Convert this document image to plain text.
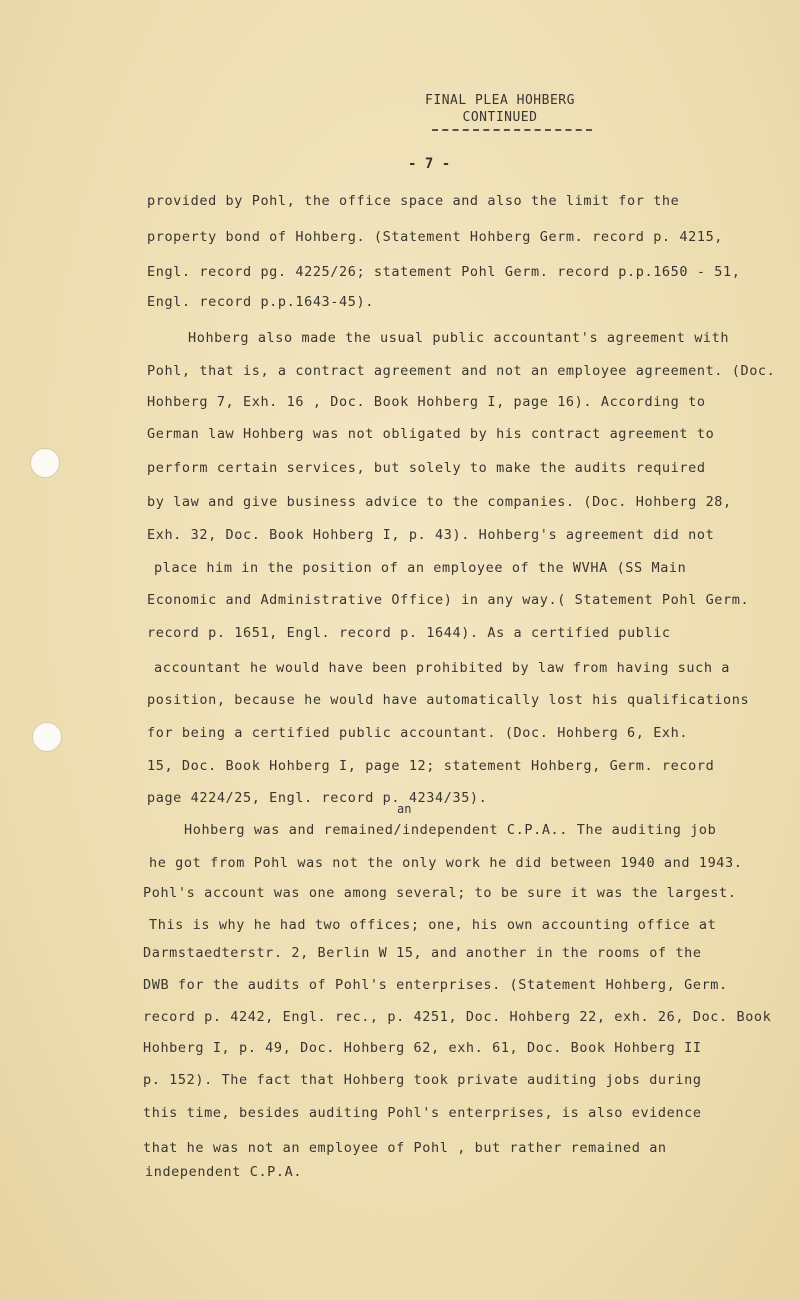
FINAL PLEA HOHBERG
CONTINUED
- 7 -
provided by Pohl, the office space and also the limit for the
property bond of Hohberg. (Statement Hohberg Germ. record p. 4215,
Engl. record pg. 4225/26; statement Pohl Germ. record p.p.1650 - 51,
Engl. record p.p.1643-45).
Hohberg also made the usual public accountant's agreement with
Pohl, that is, a contract agreement and not an employee agreement. (Doc.
Hohberg 7, Exh. 16 , Doc. Book Hohberg I, page 16). According to
German law Hohberg was not obligated by his contract agreement to
perform certain services, but solely to make the audits required
by law and give business advice to the companies. (Doc. Hohberg 28,
Exh. 32, Doc. Book Hohberg I, p. 43). Hohberg's agreement did not
place him in the position of an employee of the WVHA (SS Main
Economic and Administrative Office) in any way.( Statement Pohl Germ.
record p. 1651, Engl. record p. 1644). As a certified public
accountant he would have been prohibited by law from having such a
position, because he would have automatically lost his qualifications
for being a certified public accountant. (Doc. Hohberg 6, Exh.
15, Doc. Book Hohberg I, page 12; statement Hohberg, Germ. record
page 4224/25, Engl. record p. 4234/35).
an
Hohberg was and remained/independent C.P.A.. The auditing job
he got from Pohl was not the only work he did between 1940 and 1943.
Pohl's account was one among several; to be sure it was the largest.
This is why he had two offices; one, his own accounting office at
Darmstaedterstr. 2, Berlin W 15, and another in the rooms of the
DWB for the audits of Pohl's enterprises. (Statement Hohberg, Germ.
record p. 4242, Engl. rec., p. 4251, Doc. Hohberg 22, exh. 26, Doc. Book
Hohberg I, p. 49, Doc. Hohberg 62, exh. 61, Doc. Book Hohberg II
p. 152). The fact that Hohberg took private auditing jobs during
this time, besides auditing Pohl's enterprises, is also evidence
that he was not an employee of Pohl , but rather remained an
independent C.P.A.
